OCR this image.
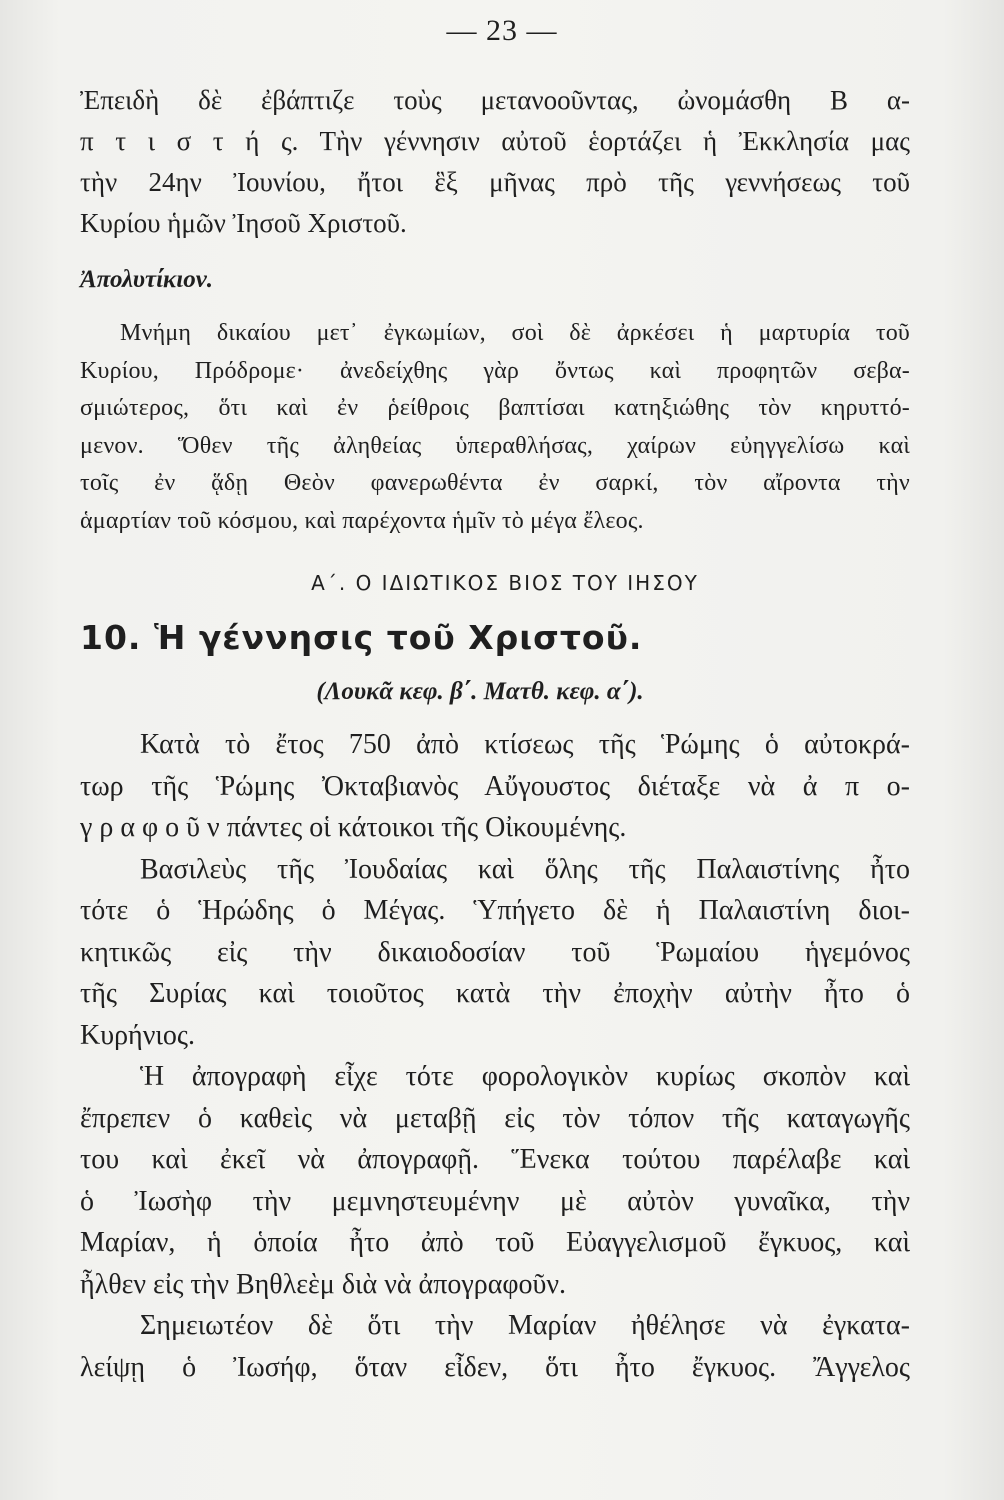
— 23 —
Ἐπειδὴ δὲ ἐβάπτιζε τοὺς μετανοοῦντας, ὠνομάσθη Β α-
π τ ι σ τ ή ς. Τὴν γέννησιν αὐτοῦ ἑορτάζει ἡ Ἐκκλησία μας
τὴν 24ην Ἰουνίου, ἤτοι ἓξ μῆνας πρὸ τῆς γεννήσεως τοῦ
Κυρίου ἡμῶν Ἰησοῦ Χριστοῦ.
Ἀπολυτίκιον.
Μνήμη δικαίου μετ᾽ ἐγκωμίων, σοὶ δὲ ἀρκέσει ἡ μαρτυρία τοῦ
Κυρίου, Πρόδρομε· ἀνεδείχθης γὰρ ὄντως καὶ προφητῶν σεβα-
σμιώτερος, ὅτι καὶ ἐν ῥείθροις βαπτίσαι κατηξιώθης τὸν κηρυττό-
μενον. Ὅθεν τῆς ἀληθείας ὑπεραθλήσας, χαίρων εὐηγγελίσω καὶ
τοῖς ἐν ᾅδῃ Θεὸν φανερωθέντα ἐν σαρκί, τὸν αἴροντα τὴν
ἁμαρτίαν τοῦ κόσμου, καὶ παρέχοντα ἡμῖν τὸ μέγα ἔλεος.
Α΄. Ο ΙΔΙΩΤΙΚΟΣ ΒΙΟΣ ΤΟΥ ΙΗΣΟΥ
10. Ἡ γέννησις τοῦ Χριστοῦ.
(Λουκᾶ κεφ. β΄. Ματθ. κεφ. α΄).
Κατὰ τὸ ἔτος 750 ἀπὸ κτίσεως τῆς Ῥώμης ὁ αὐτοκρά-
τωρ τῆς Ῥώμης Ὀκταβιανὸς Αὔγουστος διέταξε νὰ ἀ π ο-
γ ρ α φ ο ῦ ν πάντες οἱ κάτοικοι τῆς Οἰκουμένης.
Βασιλεὺς τῆς Ἰουδαίας καὶ ὅλης τῆς Παλαιστίνης ἦτο
τότε ὁ Ἡρώδης ὁ Μέγας. Ὑπήγετο δὲ ἡ Παλαιστίνη διοι-
κητικῶς εἰς τὴν δικαιοδοσίαν τοῦ Ῥωμαίου ἡγεμόνος
τῆς Συρίας καὶ τοιοῦτος κατὰ τὴν ἐποχὴν αὐτὴν ἦτο ὁ
Κυρήνιος.
Ἡ ἀπογραφὴ εἶχε τότε φορολογικὸν κυρίως σκοπὸν καὶ
ἔπρεπεν ὁ καθεὶς νὰ μεταβῇ εἰς τὸν τόπον τῆς καταγωγῆς
του καὶ ἐκεῖ νὰ ἀπογραφῇ. Ἕνεκα τούτου παρέλαβε καὶ
ὁ Ἰωσὴφ τὴν μεμνηστευμένην μὲ αὐτὸν γυναῖκα, τὴν
Μαρίαν, ἡ ὁποία ἦτο ἀπὸ τοῦ Εὐαγγελισμοῦ ἔγκυος, καὶ
ἦλθεν εἰς τὴν Βηθλεὲμ διὰ νὰ ἀπογραφοῦν.
Σημειωτέον δὲ ὅτι τὴν Μαρίαν ἠθέλησε νὰ ἐγκατα-
λείψῃ ὁ Ἰωσήφ, ὅταν εἶδεν, ὅτι ἦτο ἔγκυος. Ἄγγελος
